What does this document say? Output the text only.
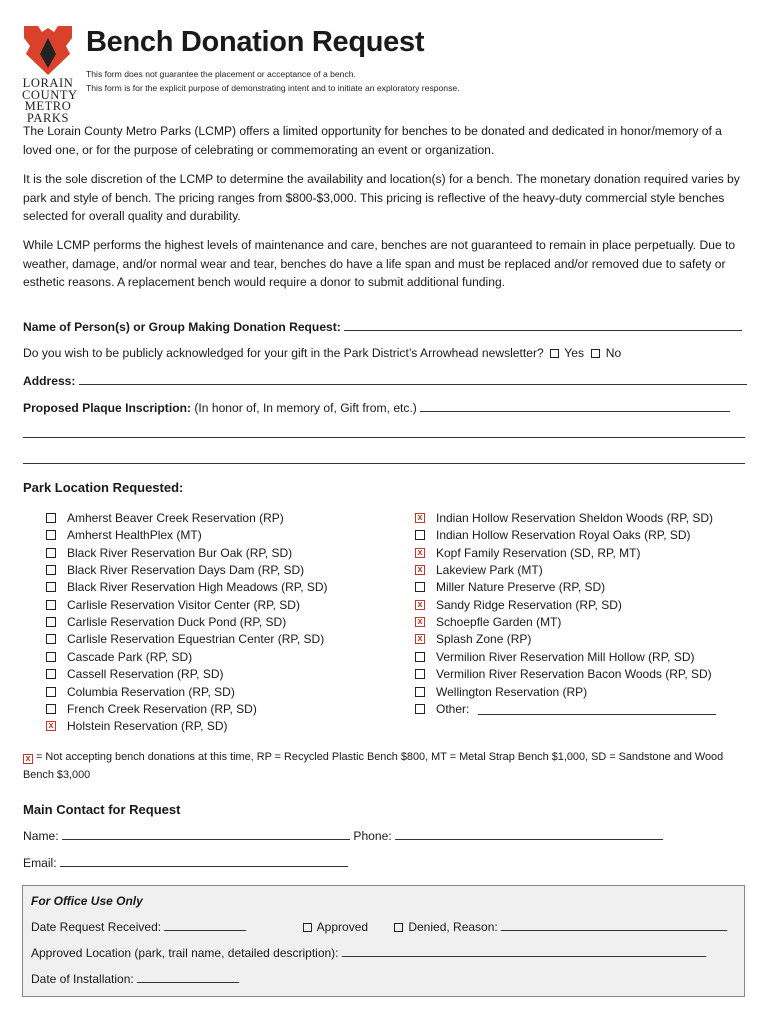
LORAIN
COUNTY
METRO
PARKS
Bench Donation Request
This form does not guarantee the placement or acceptance of a bench.
This form is for the explicit purpose of demonstrating intent and to initiate an exploratory response.
The Lorain County Metro Parks (LCMP) offers a limited opportunity for benches to be donated and dedicated in honor/memory of a loved one, or for the purpose of celebrating or commemorating an event or organization.
It is the sole discretion of the LCMP to determine the availability and location(s) for a bench. The monetary donation required varies by park and style of bench. The pricing ranges from $800-$3,000. This pricing is reflective of the heavy-duty commercial style benches selected for overall quality and durability.
While LCMP performs the highest levels of maintenance and care, benches are not guaranteed to remain in place perpetually. Due to weather, damage, and/or normal wear and tear, benches do have a life span and must be replaced and/or removed due to safety or esthetic reasons. A replacement bench would require a donor to submit additional funding.
Name of Person(s) or Group Making Donation Request:
Do you wish to be publicly acknowledged for your gift in the Park District’s Arrowhead newsletter? Yes No
Address:
Proposed Plaque Inscription: (In honor of, In memory of, Gift from, etc.)
Park Location Requested:
Amherst Beaver Creek Reservation (RP)
Amherst HealthPlex (MT)
Black River Reservation Bur Oak (RP, SD)
Black River Reservation Days Dam (RP, SD)
Black River Reservation High Meadows (RP, SD)
Carlisle Reservation Visitor Center (RP, SD)
Carlisle Reservation Duck Pond (RP, SD)
Carlisle Reservation Equestrian Center (RP, SD)
Cascade Park (RP, SD)
Cassell Reservation (RP, SD)
Columbia Reservation (RP, SD)
French Creek Reservation (RP, SD)
x Holstein Reservation (RP, SD)
x Indian Hollow Reservation Sheldon Woods (RP, SD)
Indian Hollow Reservation Royal Oaks (RP, SD)
x Kopf Family Reservation (SD, RP, MT)
x Lakeview Park (MT)
Miller Nature Preserve (RP, SD)
x Sandy Ridge Reservation (RP, SD)
x Schoepfle Garden (MT)
x Splash Zone (RP)
Vermilion River Reservation Mill Hollow (RP, SD)
Vermilion River Reservation Bacon Woods (RP, SD)
Wellington Reservation (RP)
Other:
x = Not accepting bench donations at this time, RP = Recycled Plastic Bench $800, MT = Metal Strap Bench $1,000, SD = Sandstone and Wood Bench $3,000
Main Contact for Request
Name:	Phone:
Email:
For Office Use Only
Date Request Received:	Approved	Denied, Reason:
Approved Location (park, trail name, detailed description):
Date of Installation:
